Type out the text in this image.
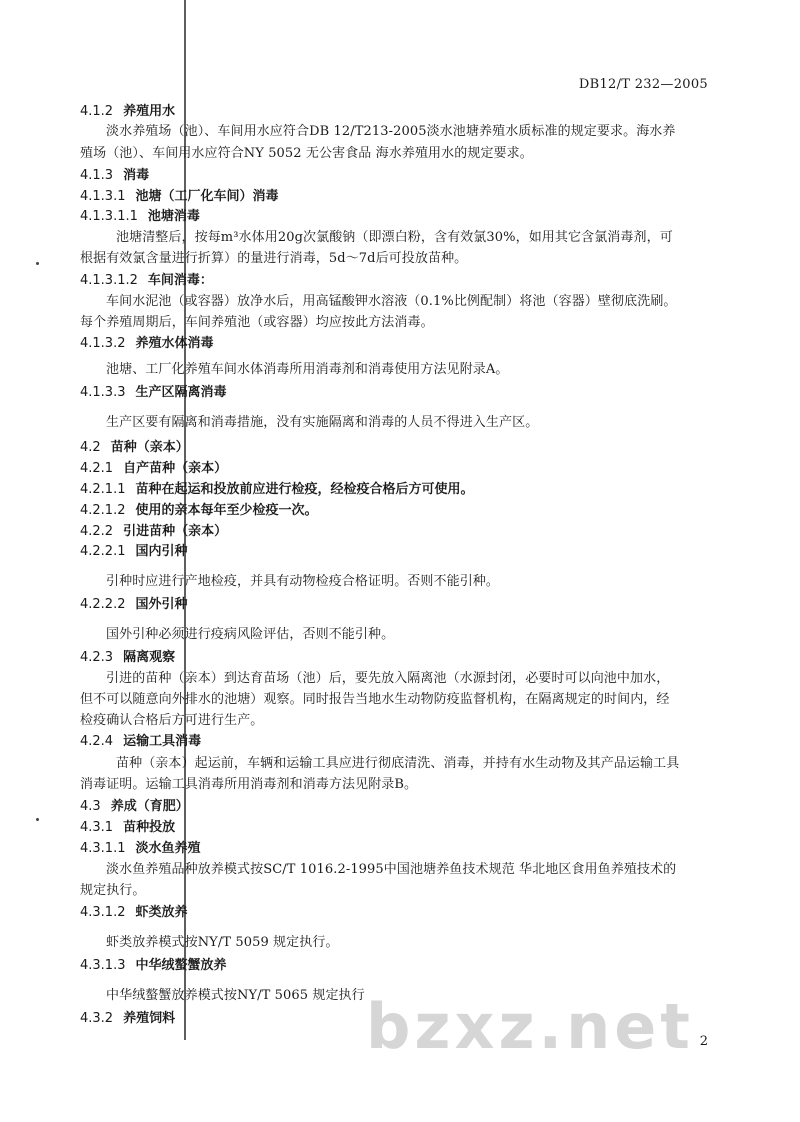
DB12/T 232—2005
4.1.2 养殖用水
淡水养殖场（池）、车间用水应符合DB 12/T213-2005淡水池塘养殖水质标准的规定要求。海水养
殖场（池）、车间用水应符合NY 5052 无公害食品 海水养殖用水的规定要求。
4.1.3 消毒
4.1.3.1 池塘（工厂化车间）消毒
4.1.3.1.1 池塘消毒
池塘清整后，按每m³水体用20g次氯酸钠（即漂白粉，含有效氯30%，如用其它含氯消毒剂，可
根据有效氯含量进行折算）的量进行消毒，5d～7d后可投放苗种。
4.1.3.1.2 车间消毒：
车间水泥池（或容器）放净水后，用高锰酸钾水溶液（0.1%比例配制）将池（容器）壁彻底洗刷。
每个养殖周期后，车间养殖池（或容器）均应按此方法消毒。
4.1.3.2 养殖水体消毒
池塘、工厂化养殖车间水体消毒所用消毒剂和消毒使用方法见附录A。
4.1.3.3 生产区隔离消毒
生产区要有隔离和消毒措施，没有实施隔离和消毒的人员不得进入生产区。
4.2 苗种（亲本）
4.2.1 自产苗种（亲本）
4.2.1.1 苗种在起运和投放前应进行检疫，经检疫合格后方可使用。
4.2.1.2 使用的亲本每年至少检疫一次。
4.2.2 引进苗种（亲本）
4.2.2.1 国内引种
引种时应进行产地检疫，并具有动物检疫合格证明。否则不能引种。
4.2.2.2 国外引种
国外引种必须进行疫病风险评估，否则不能引种。
4.2.3 隔离观察
引进的苗种（亲本）到达育苗场（池）后，要先放入隔离池（水源封闭，必要时可以向池中加水，
但不可以随意向外排水的池塘）观察。同时报告当地水生动物防疫监督机构，在隔离规定的时间内，经
检疫确认合格后方可进行生产。
4.2.4 运输工具消毒
苗种（亲本）起运前，车辆和运输工具应进行彻底清洗、消毒，并持有水生动物及其产品运输工具
消毒证明。运输工具消毒所用消毒剂和消毒方法见附录B。
4.3 养成（育肥）
4.3.1 苗种投放
4.3.1.1 淡水鱼养殖
淡水鱼养殖品种放养模式按SC/T 1016.2-1995中国池塘养鱼技术规范 华北地区食用鱼养殖技术的
规定执行。
4.3.1.2 虾类放养
虾类放养模式按NY/T 5059 规定执行。
4.3.1.3 中华绒螯蟹放养
中华绒螯蟹放养模式按NY/T 5065 规定执行
4.3.2 养殖饲料	bzxz.net 2
